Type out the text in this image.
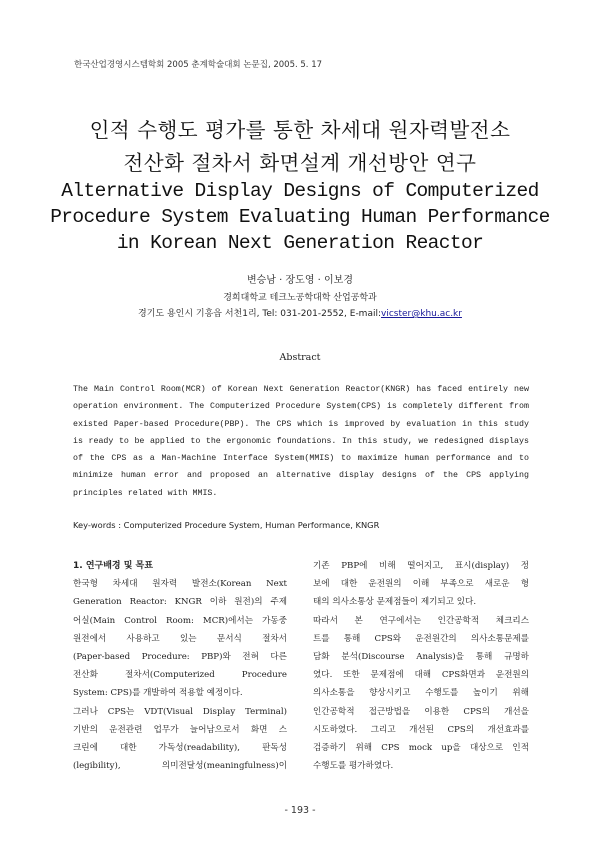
한국산업경영시스템학회 2005 춘계학술대회 논문집, 2005. 5. 17
인적 수행도 평가를 통한 차세대 원자력발전소
전산화 절차서 화면설계 개선방안 연구
Alternative Display Designs of Computerized
Procedure System Evaluating Human Performance
in Korean Next Generation Reactor
변승남 · 장도영 · 이보경
경희대학교 테크노공학대학 산업공학과
경기도 용인시 기흥읍 서천1리, Tel: 031-201-2552, E-mail:vicster@khu.ac.kr
Abstract
The Main Control Room(MCR) of Korean Next Generation Reactor(KNGR) has faced entirely new
operation environment. The Computerized Procedure System(CPS) is completely different from
existed Paper-based Procedure(PBP). The CPS which is improved by evaluation in this study
is ready to be applied to the ergonomic foundations. In this study, we redesigned displays
of the CPS as a Man-Machine Interface System(MMIS) to maximize human performance and to
minimize human error and proposed an alternative display designs of the CPS applying
principles related with MMIS.
Key-words : Computerized Procedure System, Human Performance, KNGR
1. 연구배경 및 목표
한국형 차세대 원자력 발전소(Korean Next
Generation Reactor: KNGR 이하 원전)의 주제
어실(Main Control Room: MCR)에서는 가동중
원전에서 사용하고 있는 문서식 절차서
(Paper-based Procedure: PBP)와 전혀 다른
전산화 절차서(Computerized Procedure
System: CPS)를 개발하여 적용할 예정이다.
그러나 CPS는 VDT(Visual Display Terminal)
기반의 운전관련 업무가 늘어남으로서 화면 스
크린에 대한 가독성(readability), 판독성
(legibility), 의미전달성(meaningfulness)이
기존 PBP에 비해 떨어지고, 표시(display) 정
보에 대한 운전원의 이해 부족으로 새로운 형
태의 의사소통상 문제점들이 제기되고 있다.
따라서 본 연구에서는 인간공학적 체크리스
트를 통해 CPS와 운전원간의 의사소통문제를
담화 분석(Discourse Analysis)을 통해 규명하
였다. 또한 문제점에 대해 CPS화면과 운전원의
의사소통을 향상시키고 수행도를 높이기 위해
인간공학적 접근방법을 이용한 CPS의 개선을
시도하였다. 그리고 개선된 CPS의 개선효과를
검증하기 위해 CPS mock up을 대상으로 인적
수행도를 평가하였다.
- 193 -
